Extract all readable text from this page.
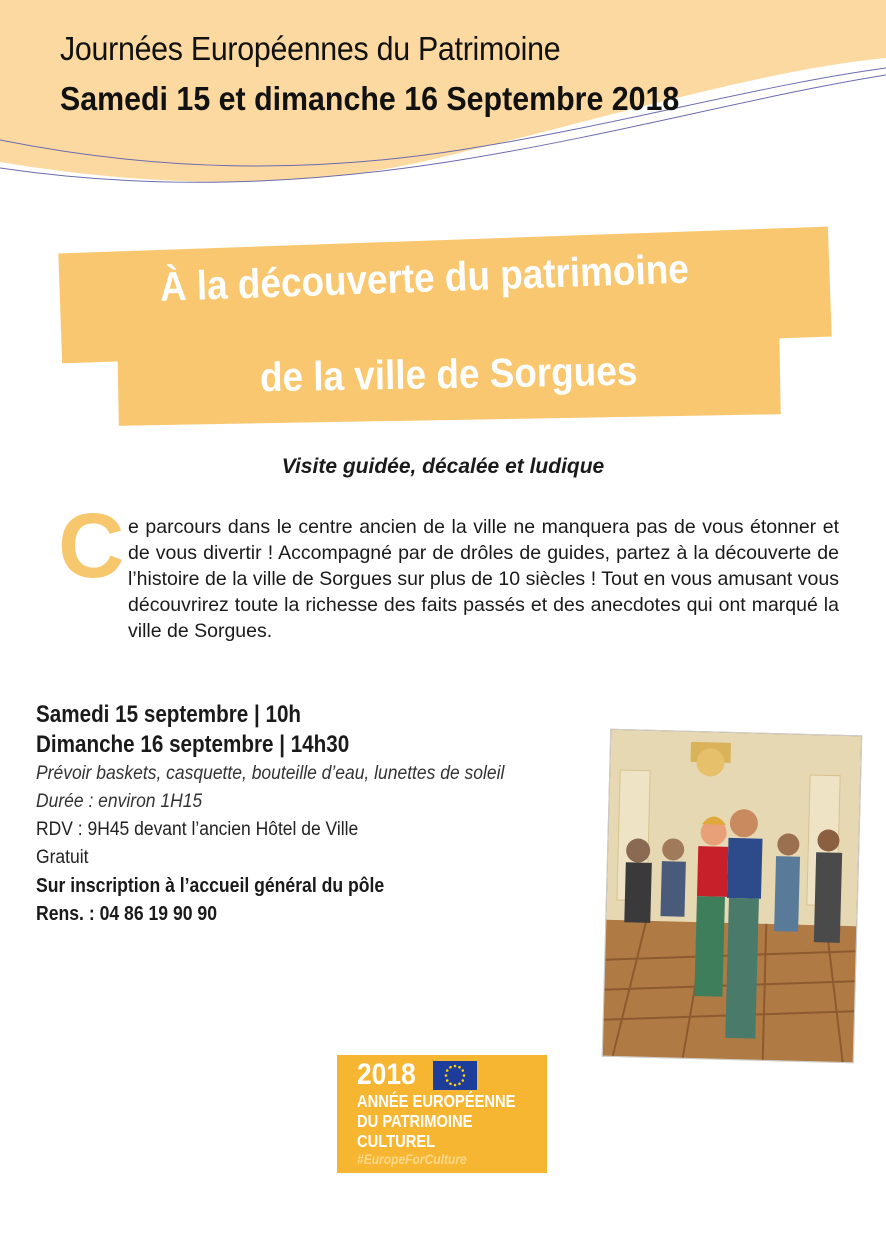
Journées Européennes du Patrimoine
Samedi 15 et dimanche 16 Septembre 2018
À la découverte du patrimoine
de la ville de Sorgues

Visite guidée, décalée et ludique

C e parcours dans le centre ancien de la ville ne manquera pas de vous étonner et de vous divertir ! Accompagné par de drôles de guides, partez à la découverte de l’histoire de la ville de Sorgues sur plus de 10 siècles ! Tout en vous amusant vous découvrirez toute la richesse des faits passés et des anecdotes qui ont marqué la ville de Sorgues.

Samedi 15 septembre | 10h
Dimanche 16 septembre | 14h30
Prévoir baskets, casquette, bouteille d’eau, lunettes de soleil
Durée : environ 1H15
RDV : 9H45 devant l’ancien Hôtel de Ville
Gratuit
Sur inscription à l’accueil général du pôle
Rens. : 04 86 19 90 90
2018
ANNÉE EUROPÉENNE
DU PATRIMOINE
CULTUREL
#EuropeForCulture
